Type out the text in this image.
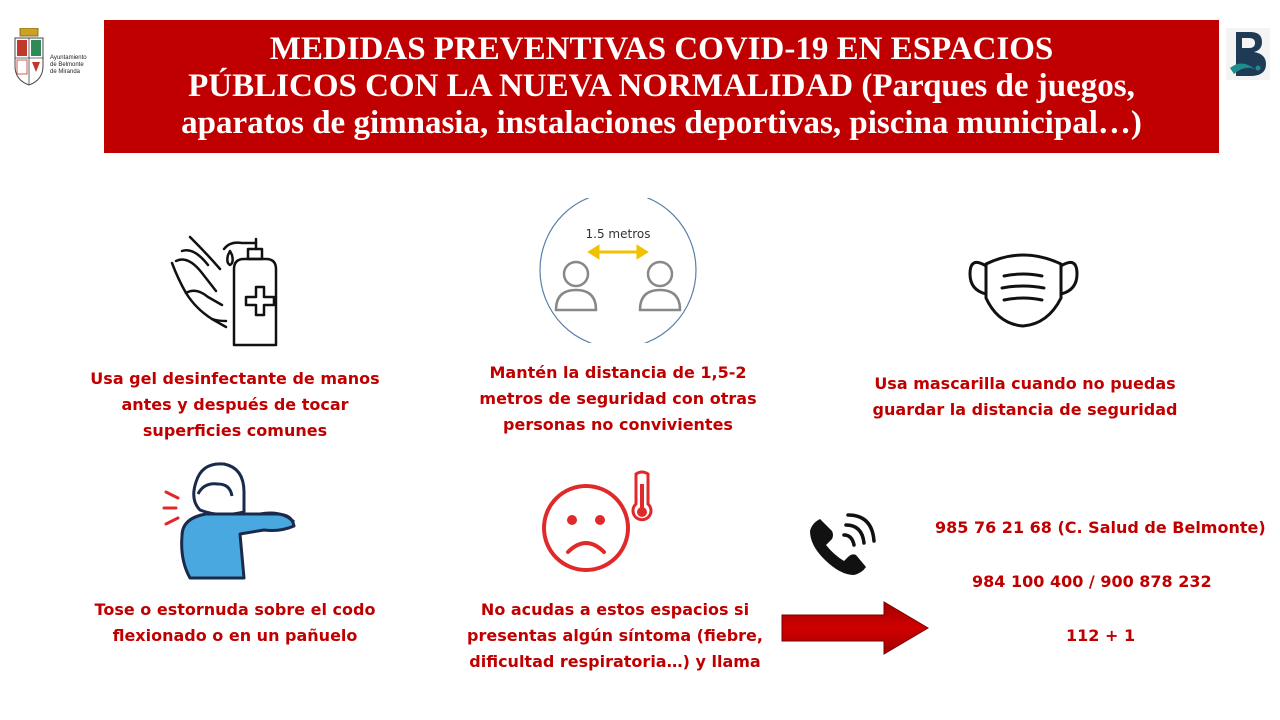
Ayuntamiento
de Belmonte
de Miranda
MEDIDAS PREVENTIVAS COVID-19 EN ESPACIOS
PÚBLICOS CON LA NUEVA NORMALIDAD (Parques de juegos,
aparatos de gimnasia, instalaciones deportivas, piscina municipal…)
1.5 metros
Usa gel desinfectante de manos
antes y después de tocar
superficies comunes
Mantén la distancia de 1,5-2
metros de seguridad con otras
personas no convivientes
Usa mascarilla cuando no puedas
guardar la distancia de seguridad
Tose o estornuda sobre el codo
flexionado o en un pañuelo
No acudas a estos espacios si
presentas algún síntoma (fiebre,
dificultad respiratoria…) y llama
985 76 21 68 (C. Salud de Belmonte)
984 100 400 / 900 878 232
112 + 1
